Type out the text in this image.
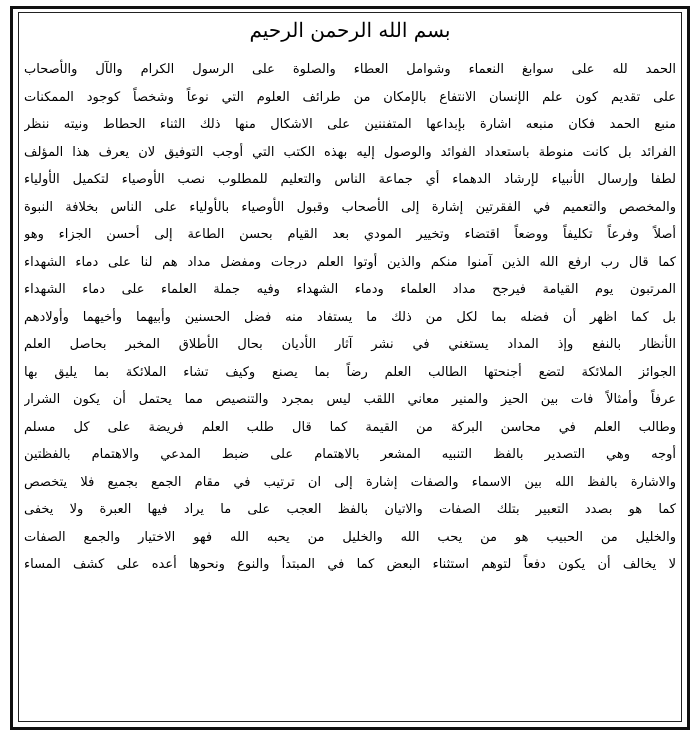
بسم الله الرحمن الرحيم
الحمد لله على سوابغ النعماء وشوامل العطاء والصلوة على الرسول الكرام والآل والأصحاب
على تقديم كون علم الإنسان الانتفاع بالإمكان من طرائف العلوم التي نوعاً وشخصاً كوجود الممكنات
منبع الحمد فكان منبعه اشارة بإبداعها المتفننين على الاشكال منها ذلك الثناء الحطاط ونيته ننظر
الفرائد بل كانت منوطة باستعداد الفوائد والوصول إليه بهذه الكتب التي أوجب التوفيق لان يعرف هذا المؤلف
لطفا وإرسال الأنبياء لإرشاد الدهماء أي جماعة الناس والتعليم للمطلوب نصب الأوصياء لتكميل الأولياء
والمخصص والتعميم في الفقرتين إشارة إلى الأصحاب وقبول الأوصياء بالأولياء على الناس بخلافة النبوة
أصلاً وفرعاً تكليفاً ووضعاً اقتضاء وتخيير المودي بعد القيام بحسن الطاعة إلى أحسن الجزاء وهو
كما قال رب ارفع الله الذين آمنوا منكم والذين أوتوا العلم درجات ومفضل مداد هم لنا على دماء الشهداء
المرتبون يوم القيامة فيرجح مداد العلماء ودماء الشهداء وفيه جملة العلماء على دماء الشهداء
بل كما اظهر أن فضله بما لكل من ذلك ما يستفاد منه فضل الحسنين وأبيهما وأخيهما وأولادهم
الأنظار بالنفع وإذ المداد يستغني في نشر آثار الأديان بحال الأطلاق المخبر بحاصل العلم
الجوائز الملائكة لتضع أجنحتها الطالب العلم رضاً بما يصنع وكيف تشاء الملائكة بما يليق بها
عرفاً وأمثالاً فات بين الحيز والمنير معاني اللقب ليس بمجرد والتنصيص مما يحتمل أن يكون الشرار
وطالب العلم في محاسن البركة من القيمة كما قال طلب العلم فريضة على كل مسلم
أوجه وهي التصدير بالفظ التنبيه المشعر بالاهتمام على ضبط المدعي والاهتمام بالفظتين
والاشارة بالفظ الله بين الاسماء والصفات إشارة إلى ان ترتيب في مقام الجمع بجميع فلا يتخصص
كما هو بصدد التعبير بتلك الصفات والاتيان بالفظ العجب على ما يراد فيها العبرة ولا يخفى
والخليل من الحبيب هو من يحب الله والخليل من يحبه الله فهو الاختيار والجمع الصفات
لا يخالف أن يكون دفعاً لتوهم استثناء البعض كما في المبتدأ والنوع ونحوها أعده على كشف المساء
